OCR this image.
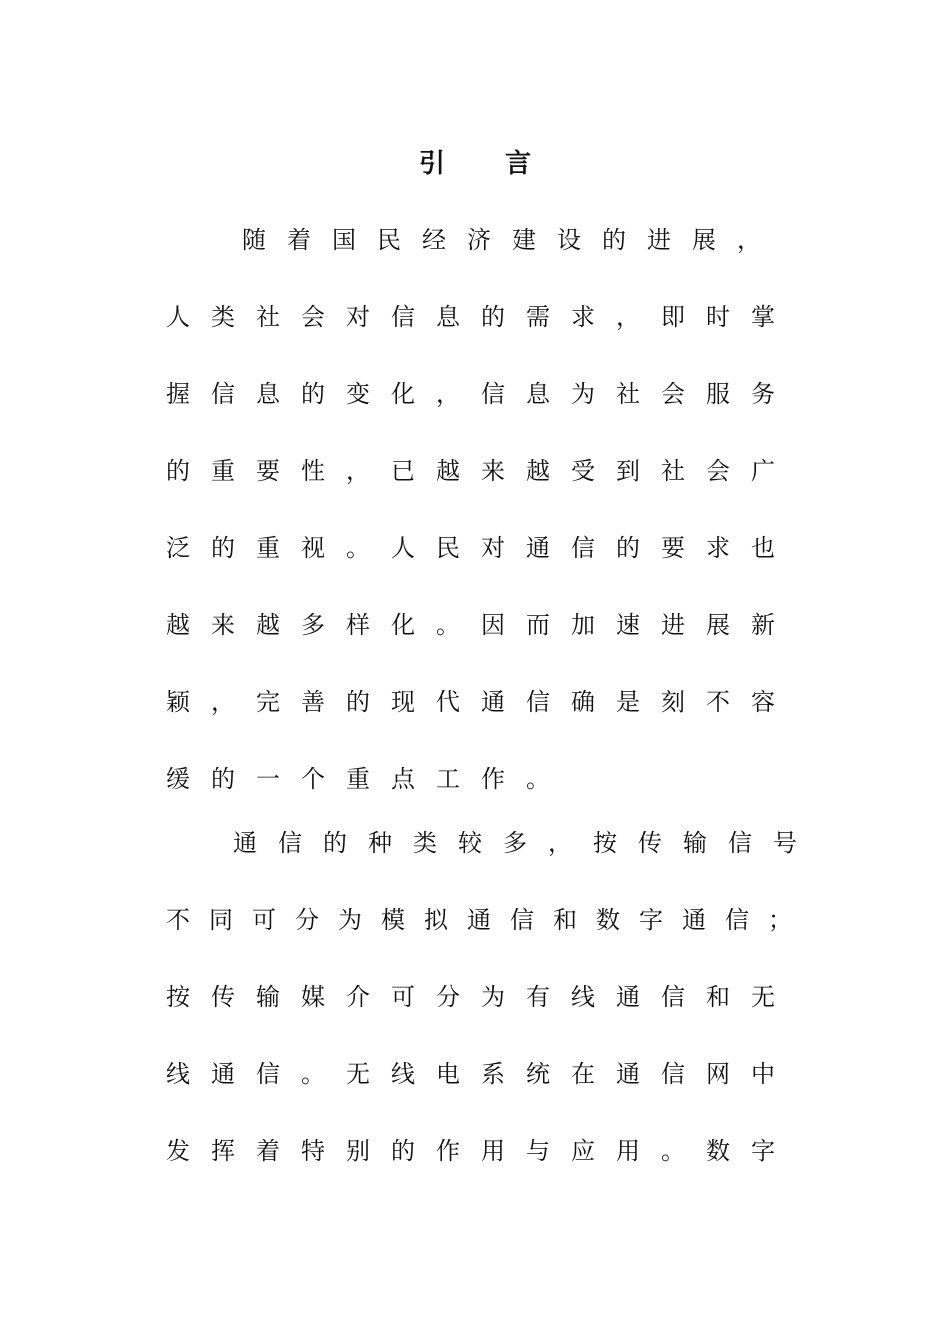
引言
随着国民经济建设的进展，
人类社会对信息的需求，即时掌
握信息的变化，信息为社会服务
的重要性，已越来越受到社会广
泛的重视。人民对通信的要求也
越来越多样化。因而加速进展新
颖，完善的现代通信确是刻不容
缓的一个重点工作。
通信的种类较多，按传输信号
不同可分为模拟通信和数字通信；
按传输媒介可分为有线通信和无
线通信。无线电系统在通信网中
发挥着特别的作用与应用。数字
